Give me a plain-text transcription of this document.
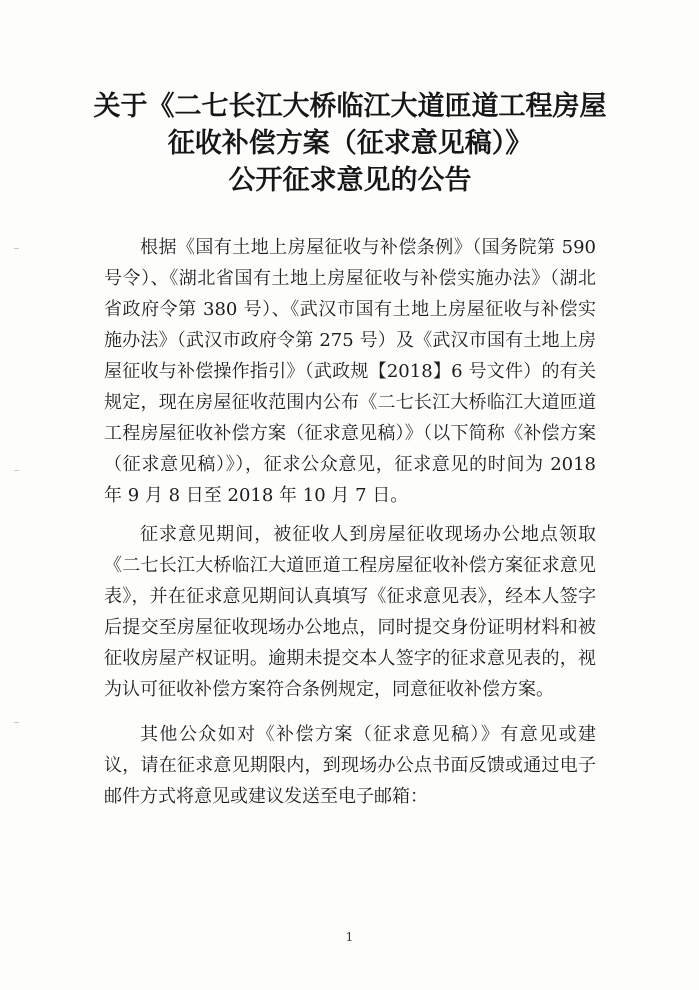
关于《二七长江大桥临江大道匝道工程房屋
征收补偿方案（征求意见稿）》
公开征求意见的公告

根据《国有土地上房屋征收与补偿条例》（国务院第 590 号令）、《湖北省国有土地上房屋征收与补偿实施办法》（湖北省政府令第 380 号）、《武汉市国有土地上房屋征收与补偿实施办法》（武汉市政府令第 275 号）及《武汉市国有土地上房屋征收与补偿操作指引》（武政规【2018】6 号文件）的有关规定，现在房屋征收范围内公布《二七长江大桥临江大道匝道工程房屋征收补偿方案（征求意见稿）》（以下简称《补偿方案（征求意见稿）》），征求公众意见，征求意见的时间为 2018 年 9 月 8 日至 2018 年 10 月 7 日。

征求意见期间，被征收人到房屋征收现场办公地点领取《二七长江大桥临江大道匝道工程房屋征收补偿方案征求意见表》，并在征求意见期间认真填写《征求意见表》，经本人签字后提交至房屋征收现场办公地点，同时提交身份证明材料和被征收房屋产权证明。逾期未提交本人签字的征求意见表的，视为认可征收补偿方案符合条例规定，同意征收补偿方案。

其他公众如对《补偿方案（征求意见稿）》有意见或建议，请在征求意见期限内，到现场办公点书面反馈或通过电子邮件方式将意见或建议发送至电子邮箱：

1
